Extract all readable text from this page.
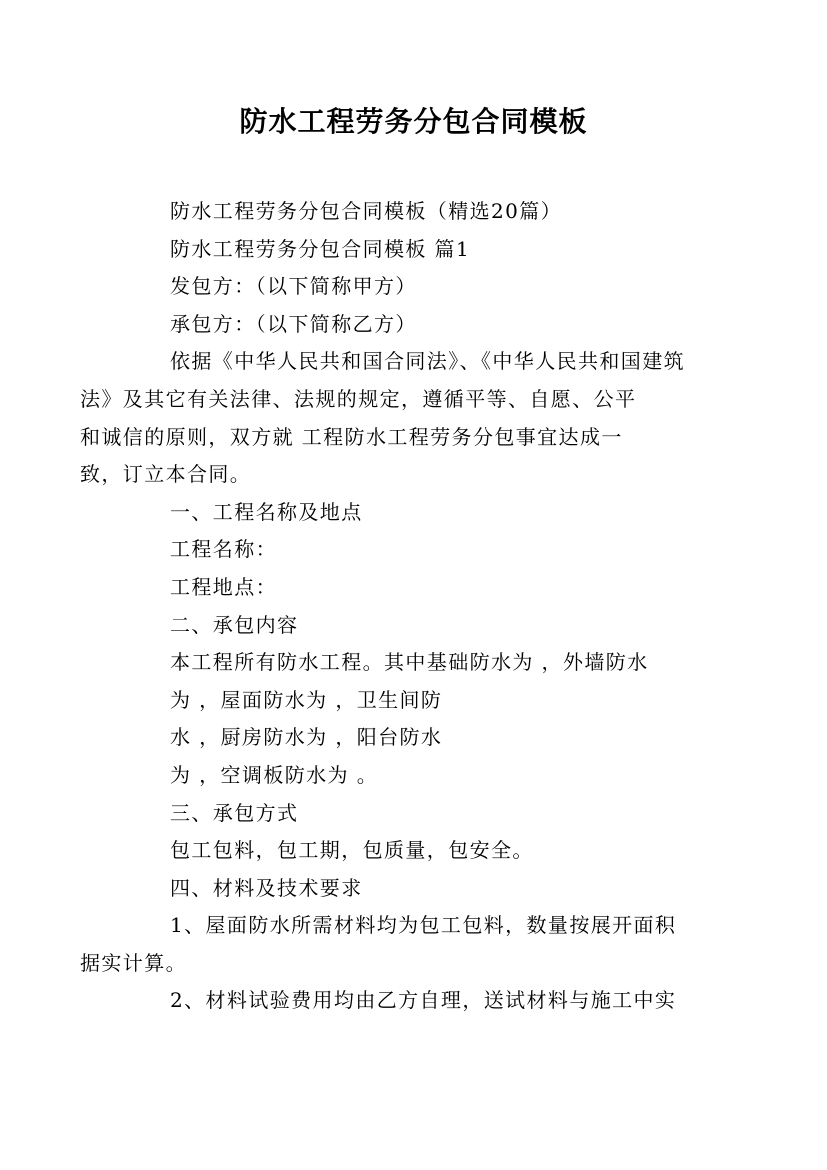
防水工程劳务分包合同模板
防水工程劳务分包合同模板（精选20篇）
防水工程劳务分包合同模板 篇1
发包方：（以下简称甲方）
承包方：（以下简称乙方）
依据《中华人民共和国合同法》、《中华人民共和国建筑
法》及其它有关法律、法规的规定，遵循平等、自愿、公平
和诚信的原则，双方就 工程防水工程劳务分包事宜达成一
致，订立本合同。
一、工程名称及地点
工程名称：
工程地点：
二、承包内容
本工程所有防水工程。其中基础防水为 ，外墙防水
为 ，屋面防水为 ，卫生间防
水 ，厨房防水为 ，阳台防水
为 ，空调板防水为 。
三、承包方式
包工包料，包工期，包质量，包安全。
四、材料及技术要求
1、屋面防水所需材料均为包工包料，数量按展开面积
据实计算。
2、材料试验费用均由乙方自理，送试材料与施工中实
